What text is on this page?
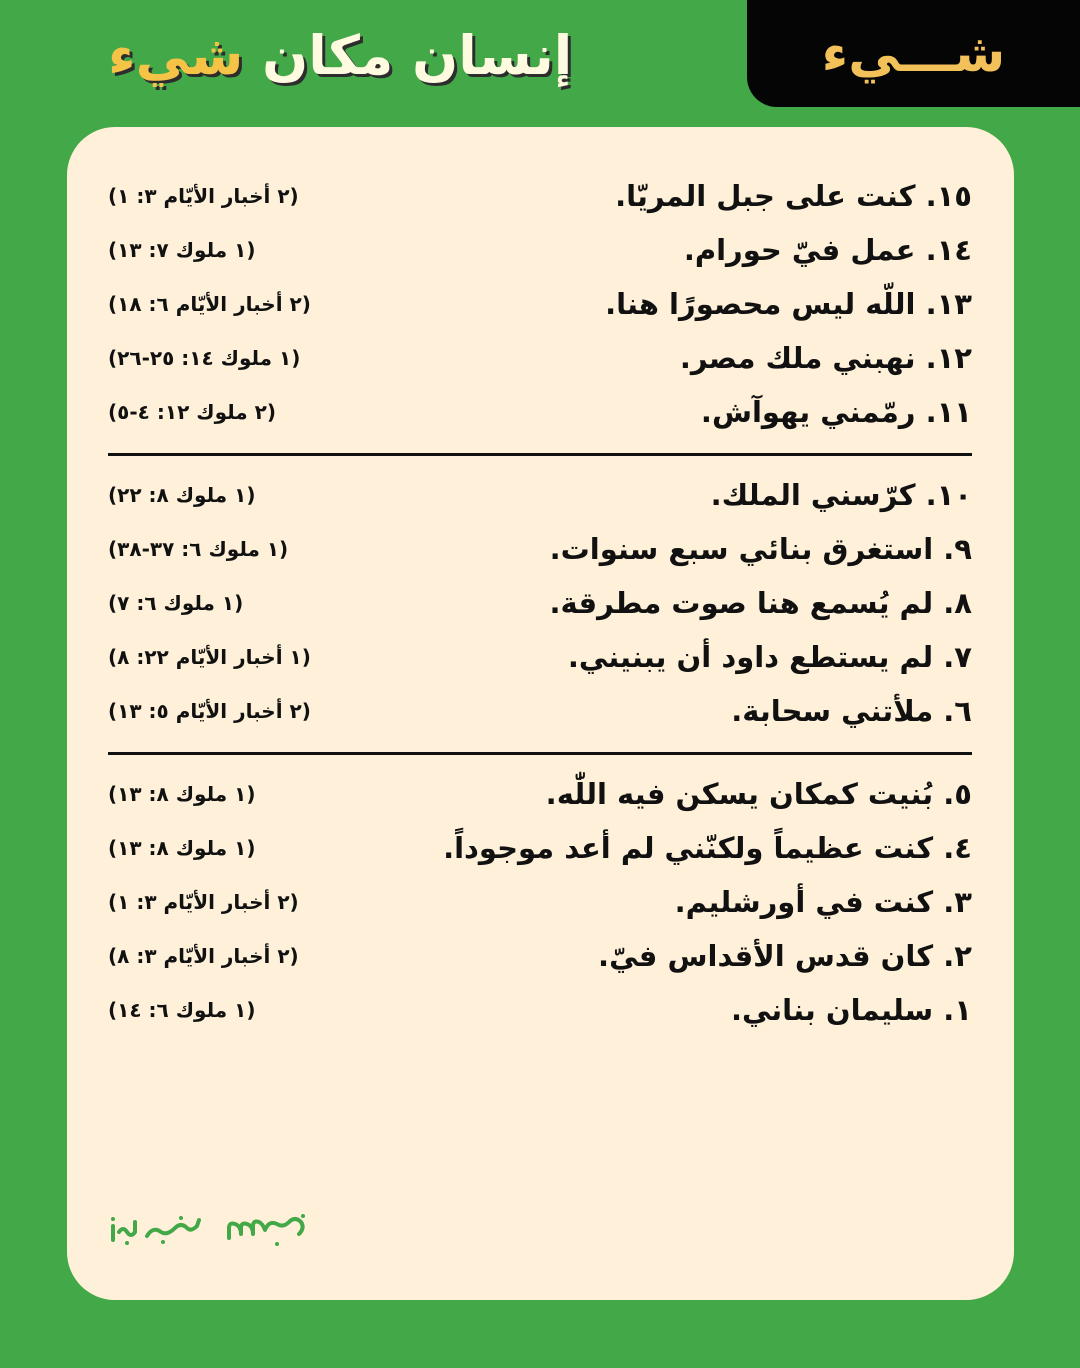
شـــيء
إنسان مكان شيء
١٥. كنت على جبل المريّا.
(٢ أخبار الأيّام ٣: ١)
١٤. عمل فيّ حورام.
(١ ملوك ٧: ١٣)
١٣. اللّه ليس محصورًا هنا.
(٢ أخبار الأيّام ٦: ١٨)
١٢. نهبني ملك مصر.
(١ ملوك ١٤: ٢٥-٢٦)
١١. رمّمني يهوآش.
(٢ ملوك ١٢: ٤-٥)
١٠. كرّسني الملك.
(١ ملوك ٨: ٢٢)
٩. استغرق بنائي سبع سنوات.
(١ ملوك ٦: ٣٧-٣٨)
٨. لم يُسمع هنا صوت مطرقة.
(١ ملوك ٦: ٧)
٧. لم يستطع داود أن يبنيني.
(١ أخبار الأيّام ٢٢: ٨)
٦. ملأتني سحابة.
(٢ أخبار الأيّام ٥: ١٣)
٥. بُنيت كمكان يسكن فيه اللّٰه.
(١ ملوك ٨: ١٣)
٤. كنت عظيماً ولكنّني لم أعد موجوداً.
(١ ملوك ٨: ١٣)
٣. كنت في أورشليم.
(٢ أخبار الأيّام ٣: ١)
٢. كان قدس الأقداس فيّ.
(٢ أخبار الأيّام ٣: ٨)
١. سليمان بناني.
(١ ملوك ٦: ١٤)
